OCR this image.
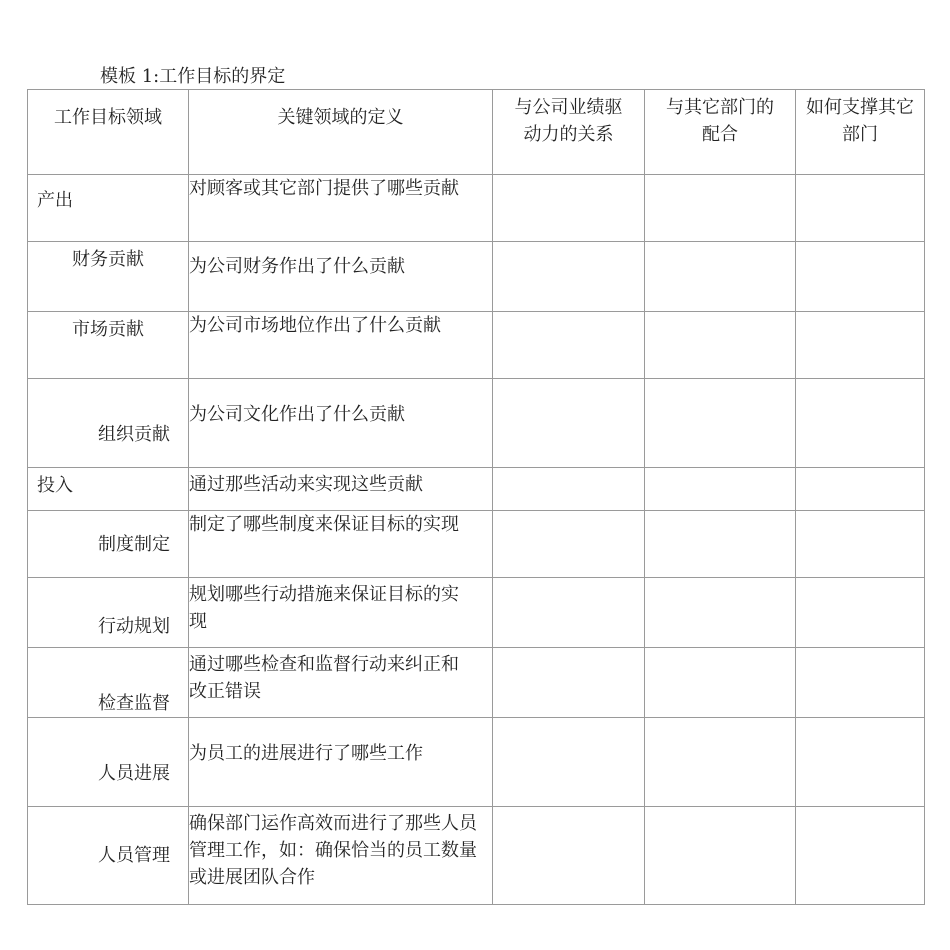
模板 1:工作目标的界定
工作目标领域	关键领域的定义	与公司业绩驱动力的关系	与其它部门的配合	如何支撑其它部门

产出	对顾客或其它部门提供了哪些贡献			

财务贡献	为公司财务作出了什么贡献			

市场贡献	为公司市场地位作出了什么贡献			

组织贡献	为公司文化作出了什么贡献			

投入	通过那些活动来实现这些贡献			

制度制定	制定了哪些制度来保证目标的实现			

行动规划	规划哪些行动措施来保证目标的实现			

检查监督	通过哪些检查和监督行动来纠正和改正错误			

人员进展	为员工的进展进行了哪些工作			

人员管理	确保部门运作高效而进行了那些人员管理工作，如：确保恰当的员工数量或进展团队合作			
